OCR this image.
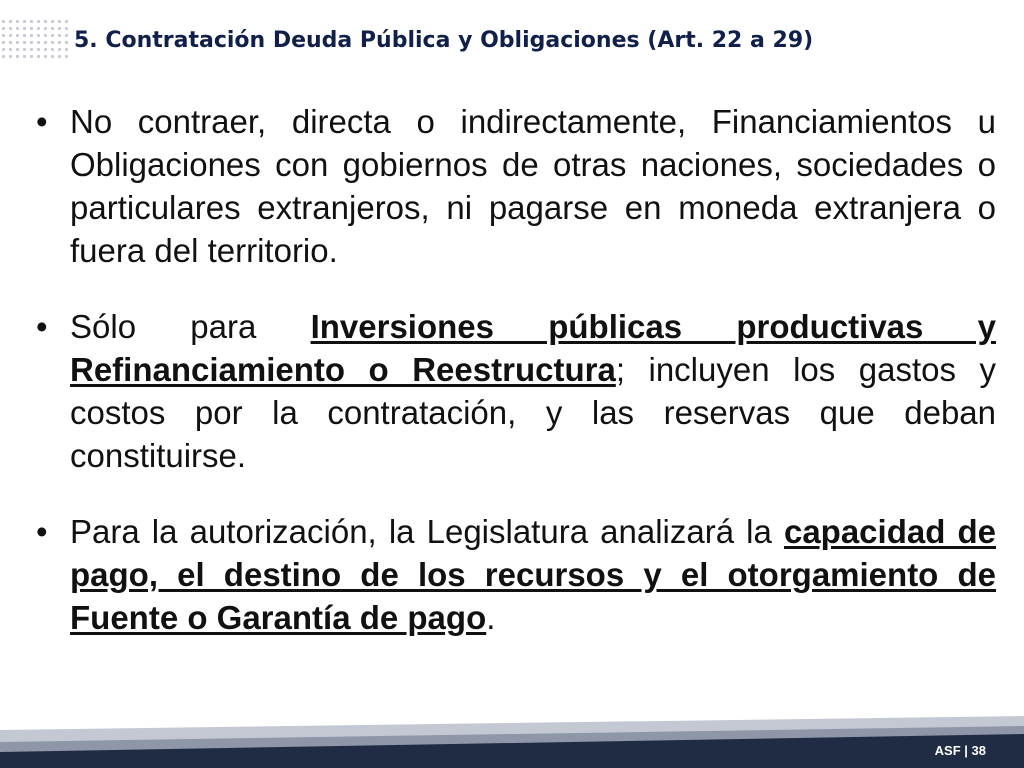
5. Contratación Deuda Pública y Obligaciones (Art. 22 a 29)
• No contraer, directa o indirectamente, Financiamientos u Obligaciones con gobiernos de otras naciones, sociedades o particulares extranjeros, ni pagarse en moneda extranjera o fuera del territorio.
• Sólo para Inversiones públicas productivas y Refinanciamiento o Reestructura; incluyen los gastos y costos por la contratación, y las reservas que deban constituirse.
• Para la autorización, la Legislatura analizará la capacidad de pago, el destino de los recursos y el otorgamiento de Fuente o Garantía de pago.
ASF | 38
